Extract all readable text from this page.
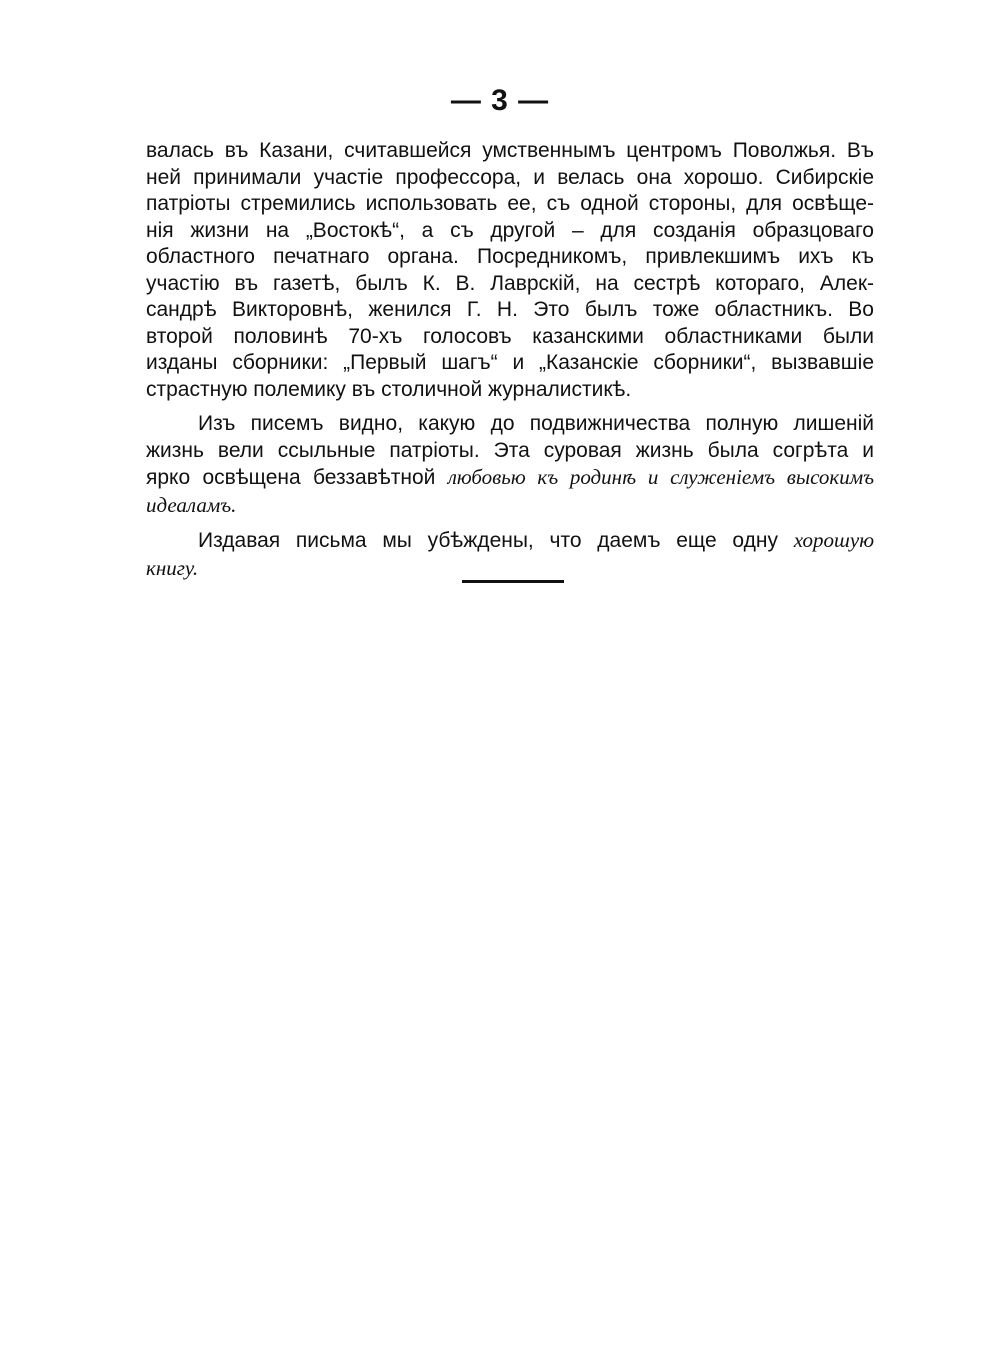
— 3 —

валась въ Казани, считавшейся умственнымъ центромъ Поволжья. Въ
ней принимали участiе профессора, и велась она хорошо. Сибирскiе
патрiоты стремились использовать ее, съ одной стороны, для освѣще-
нiя жизни на „Востокѣ“, а съ другой – для созданiя образцоваго
областного печатнаго органа. Посредникомъ, привлекшимъ ихъ къ
участiю въ газетѣ, былъ К. В. Лаврскiй, на сестрѣ котораго, Алек-
сандрѣ Викторовнѣ, женился Г. Н. Это былъ тоже областникъ. Во
второй половинѣ 70-хъ голосовъ казанскими областниками были
изданы сборники: „Первый шагъ“ и „Казанскiе сборники“, вызвавшiе
страстную полемику въ столичной журналистикѣ.

Изъ писемъ видно, какую до подвижничества полную лишенiй
жизнь вели ссыльные патрiоты. Эта суровая жизнь была согрѣта и
ярко освѣщена беззавѣтной любовью къ родинѣ и служенiемъ высокимъ
идеаламъ.

Издавая письма мы убѣждены, что даемъ еще одну хорошую
книгу.
